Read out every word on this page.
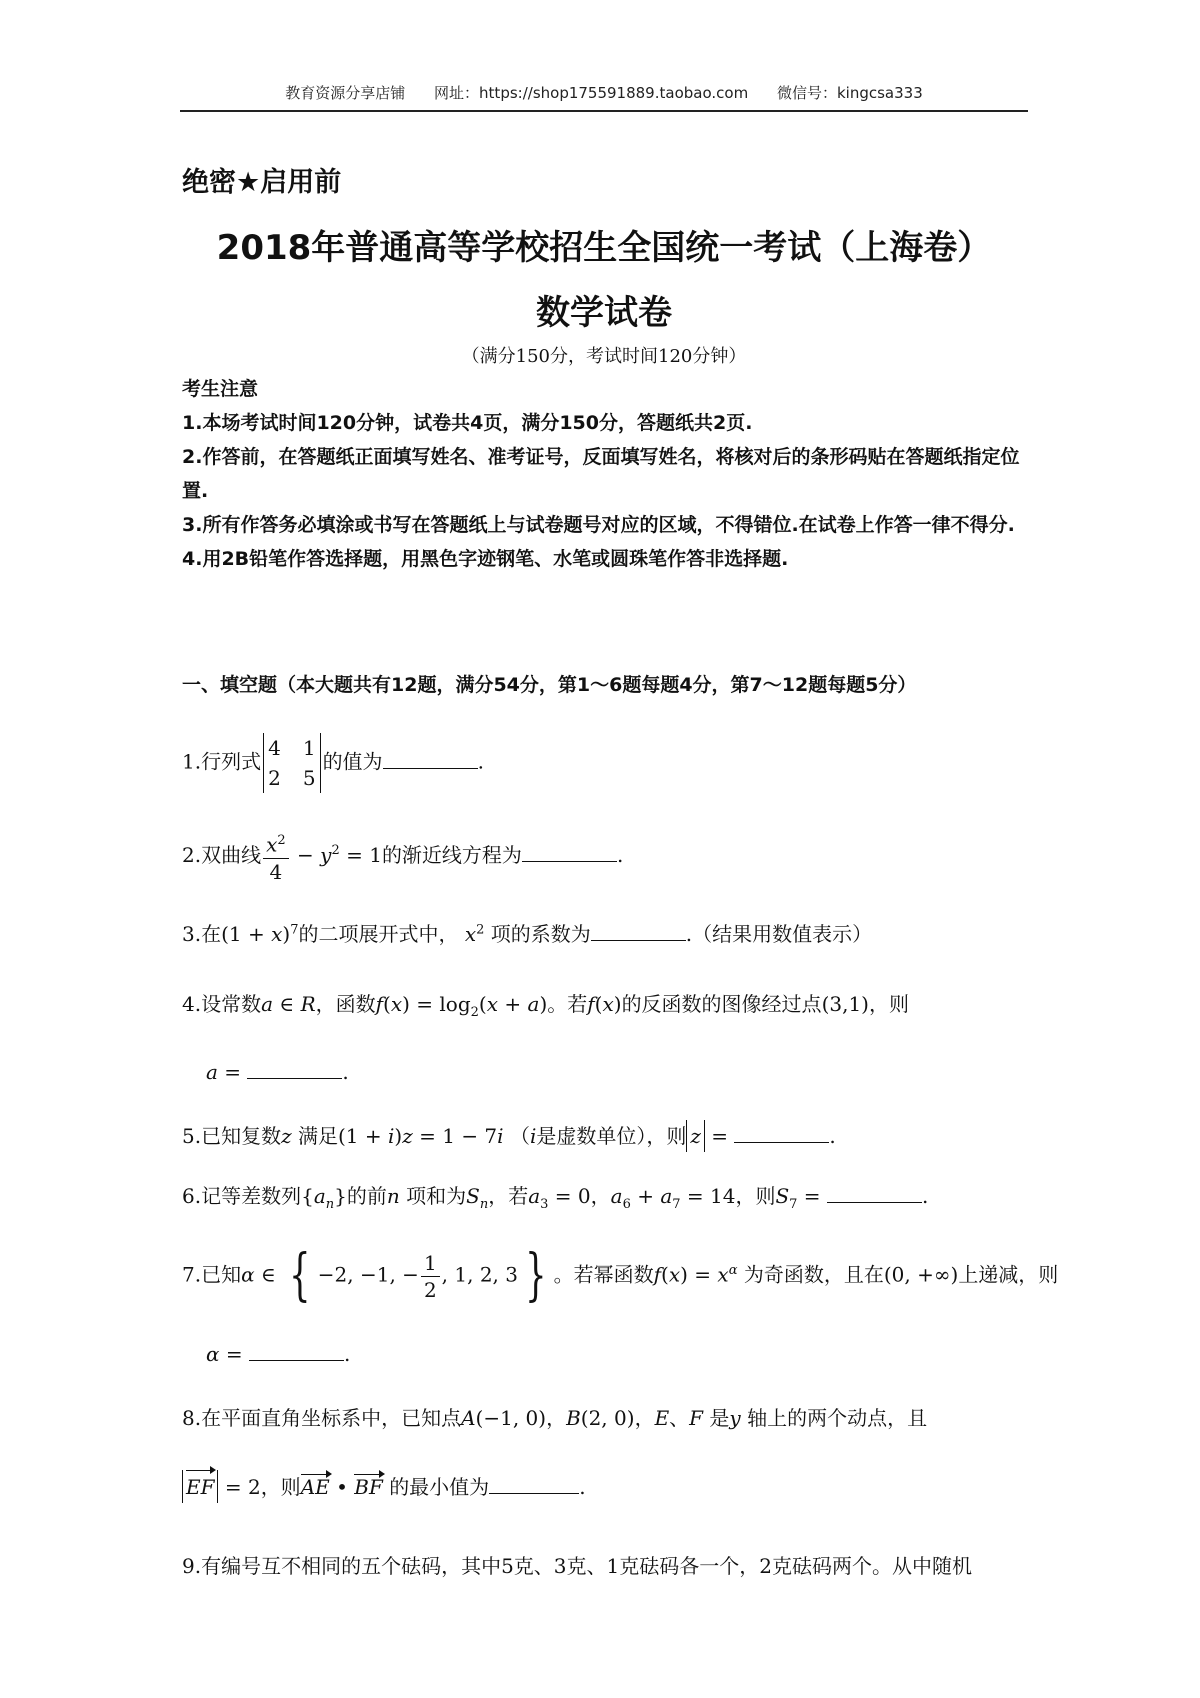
教育资源分享店铺 网址：https://shop175591889.taobao.com 微信号：kingcsa333
绝密★启用前
2018年普通高等学校招生全国统一考试（上海卷）
数学试卷
（满分150分，考试时间120分钟）
考生注意
1.本场考试时间120分钟，试卷共4页，满分150分，答题纸共2页.
2.作答前，在答题纸正面填写姓名、准考证号，反面填写姓名，将核对后的条形码贴在答题纸指定位置.
3.所有作答务必填涂或书写在答题纸上与试卷题号对应的区域，不得错位.在试卷上作答一律不得分.
4.用2B铅笔作答选择题，用黑色字迹钢笔、水笔或圆珠笔作答非选择题.
一、填空题（本大题共有12题，满分54分，第1～6题每题4分，第7～12题每题5分）
1.行列式
4 1
2 5
的值为	.
2.双曲线 $\frac{x^2}{4} - y^2 = 1$的渐近线方程为	.
3.在$(1 + x)^7$的二项展开式中， $x^2$ 项的系数为	.（结果用数值表示）
4.设常数a ∈ R，函数$f(x) = \log_2(x + a)$。若f(x)的反函数的图像经过点(3,1)，则
a =	.
5.已知复数z 满足(1 + i)z = 1 − 7i （i是虚数单位），则 z =	.
6.记等差数列$\{a_n\}$的前n 项和为$S_n$，若$a_3 = 0$，$a_6 + a_7 = 14$，则$S_7$ =	.
7.已知α ∈ { −2, −1, − $\frac{1}{2}$ , 1, 2, 3 } 。若幂函数$f(x) = x^\alpha$ 为奇函数，且在(0, +∞)上递减，则
α =	.
8.在平面直角坐标系中，已知点A(−1, 0)，B(2, 0)，E、F 是y 轴上的两个动点，且
EF = 2，则AE • BF 的最小值为	.
9.有编号互不相同的五个砝码，其中5克、3克、1克砝码各一个，2克砝码两个。从中随机
